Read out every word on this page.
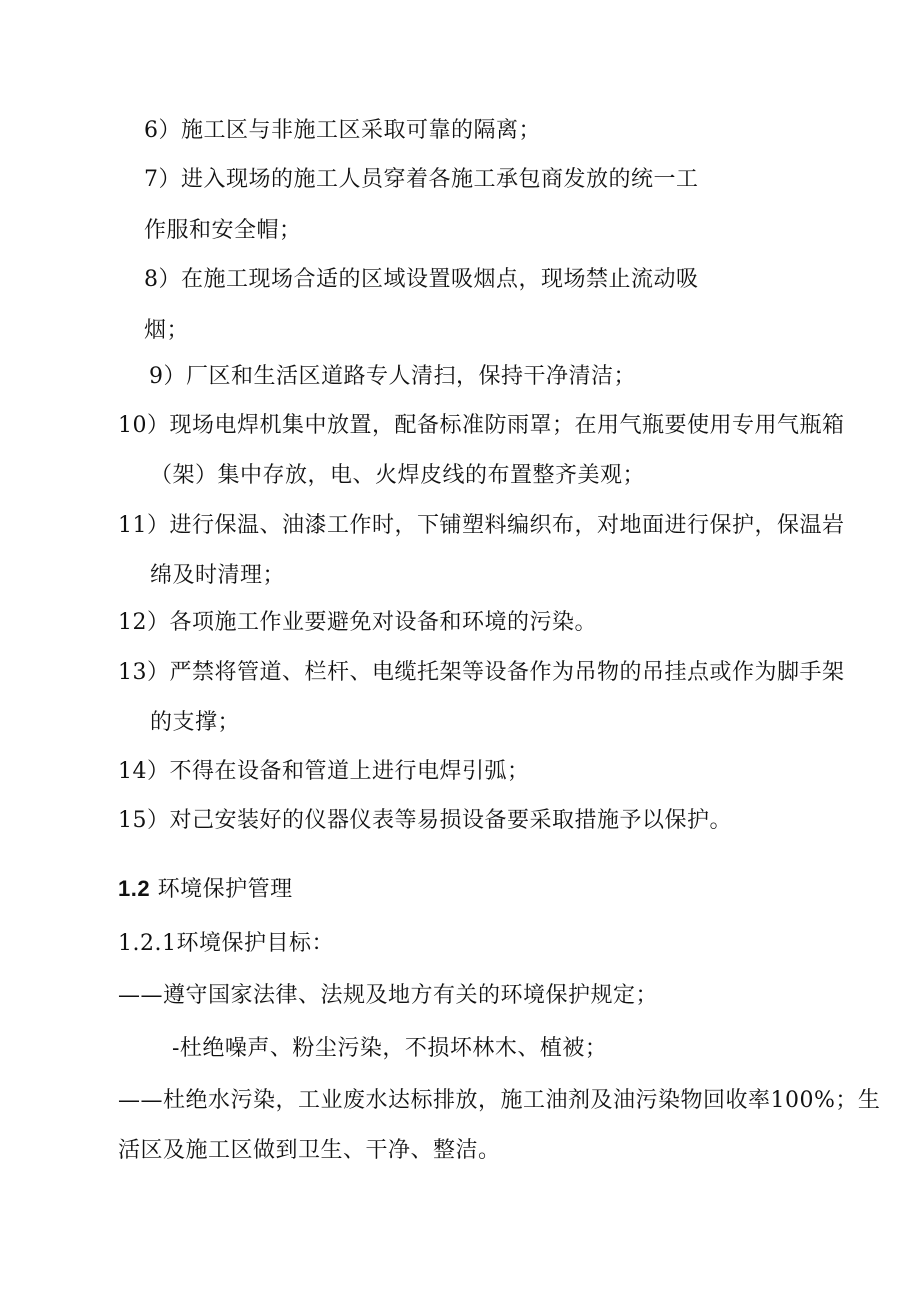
6）施工区与非施工区采取可靠的隔离；
7）进入现场的施工人员穿着各施工承包商发放的统一工
作服和安全帽；
8）在施工现场合适的区域设置吸烟点，现场禁止流动吸
烟；
9）厂区和生活区道路专人清扫，保持干净清洁；
10）现场电焊机集中放置，配备标准防雨罩；在用气瓶要使用专用气瓶箱
（架）集中存放，电、火焊皮线的布置整齐美观；
11）进行保温、油漆工作时，下铺塑料编织布，对地面进行保护，保温岩
绵及时清理；
12）各项施工作业要避免对设备和环境的污染。
13）严禁将管道、栏杆、电缆托架等设备作为吊物的吊挂点或作为脚手架
的支撑；
14）不得在设备和管道上进行电焊引弧；
15）对己安装好的仪器仪表等易损设备要采取措施予以保护。
1.2 环境保护管理
1.2.1环境保护目标：
——遵守国家法律、法规及地方有关的环境保护规定；
-杜绝噪声、粉尘污染，不损坏林木、植被；
——杜绝水污染，工业废水达标排放，施工油剂及油污染物回收率100%；生
活区及施工区做到卫生、干净、整洁。
